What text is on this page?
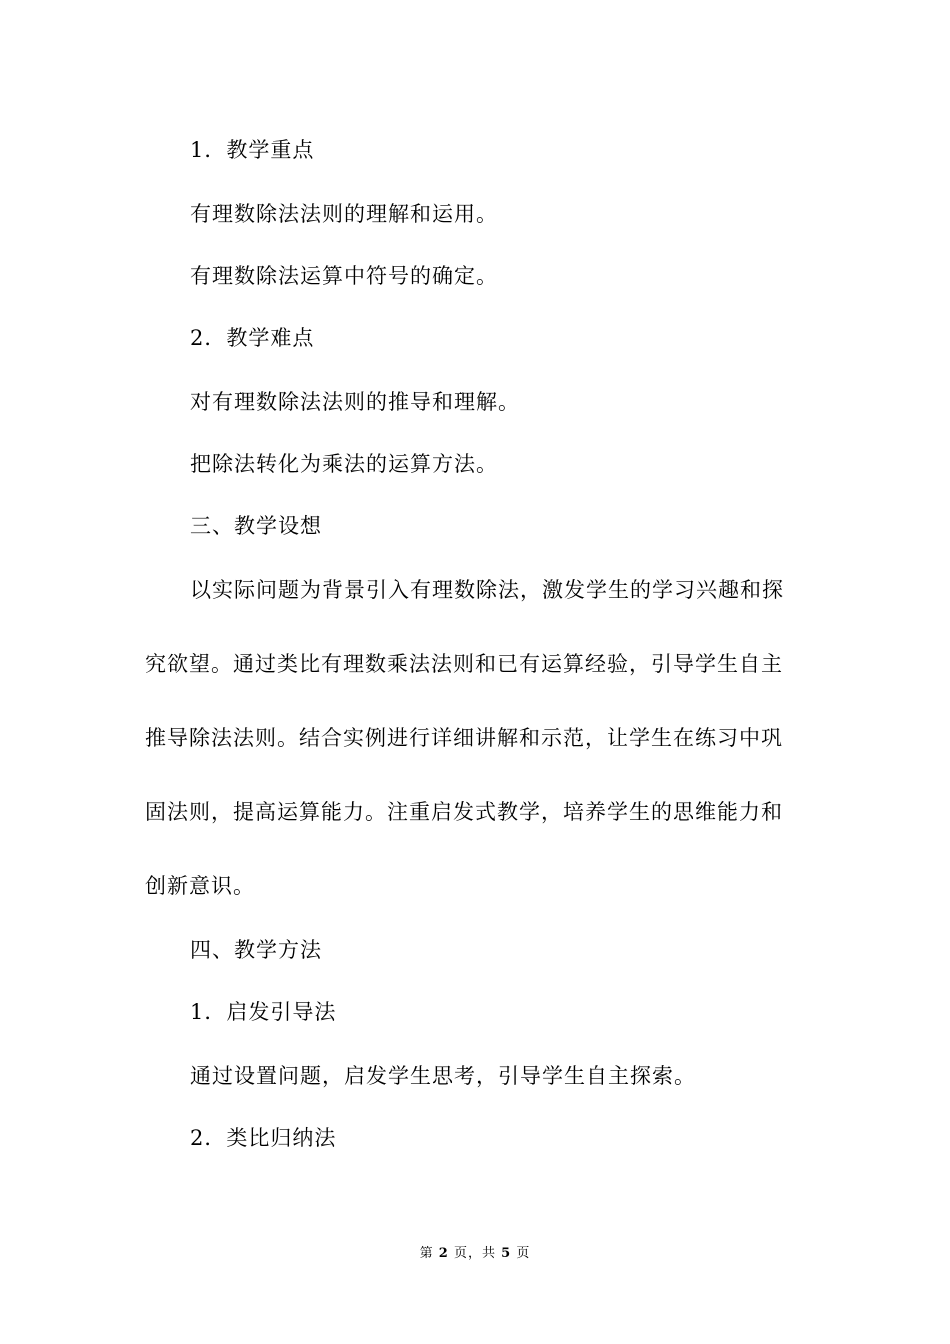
1．教学重点
有理数除法法则的理解和运用。
有理数除法运算中符号的确定。
2．教学难点
对有理数除法法则的推导和理解。
把除法转化为乘法的运算方法。
三、教学设想
以实际问题为背景引入有理数除法，激发学生的学习兴趣和探
究欲望。通过类比有理数乘法法则和已有运算经验，引导学生自主
推导除法法则。结合实例进行详细讲解和示范，让学生在练习中巩
固法则，提高运算能力。注重启发式教学，培养学生的思维能力和
创新意识。
四、教学方法
1．启发引导法
通过设置问题，启发学生思考，引导学生自主探索。
2．类比归纳法
第 2 页，共 5 页
